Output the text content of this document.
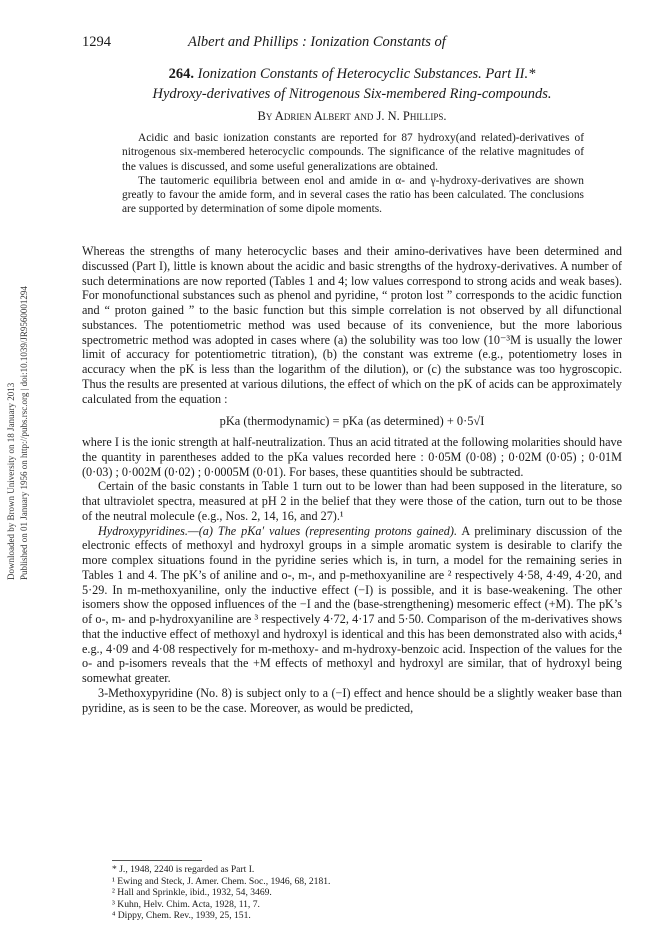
Downloaded by Brown University on 18 January 2013 Published on 01 January 1956 on http://pubs.rsc.org | doi:10.1039/JR9560001294
1294	Albert and Phillips : Ionization Constants of
264. Ionization Constants of Heterocyclic Substances. Part II.*
Hydroxy-derivatives of Nitrogenous Six-membered Ring-compounds.
By Adrien Albert and J. N. Phillips.

Acidic and basic ionization constants are reported for 87 hydroxy(and related)-derivatives of nitrogenous six-membered heterocyclic compounds. The significance of the relative magnitudes of the values is discussed, and some useful generalizations are obtained.

The tautomeric equilibria between enol and amide in α- and γ-hydroxy-derivatives are shown greatly to favour the amide form, and in several cases the ratio has been calculated. The conclusions are supported by determination of some dipole moments.

Whereas the strengths of many heterocyclic bases and their amino-derivatives have been determined and discussed (Part I), little is known about the acidic and basic strengths of the hydroxy-derivatives. A number of such determinations are now reported (Tables 1 and 4; low values correspond to strong acids and weak bases). For monofunctional substances such as phenol and pyridine, “ proton lost ” corresponds to the acidic function and “ proton gained ” to the basic function but this simple correlation is not observed by all difunctional substances. The potentiometric method was used because of its convenience, but the more laborious spectrometric method was adopted in cases where (a) the solubility was too low (10⁻³M is usually the lower limit of accuracy for potentiometric titration), (b) the constant was extreme (e.g., potentiometry loses in accuracy when the pK is less than the logarithm of the dilution), or (c) the substance was too hygroscopic. Thus the results are presented at various dilutions, the effect of which on the pK of acids can be approximately calculated from the equation :

pKa (thermodynamic) = pKa (as determined) + 0·5√I

where I is the ionic strength at half-neutralization. Thus an acid titrated at the following molarities should have the quantity in parentheses added to the pKa values recorded here : 0·05M (0·08) ; 0·02M (0·05) ; 0·01M (0·03) ; 0·002M (0·02) ; 0·0005M (0·01). For bases, these quantities should be subtracted.

Certain of the basic constants in Table 1 turn out to be lower than had been supposed in the literature, so that ultraviolet spectra, measured at pH 2 in the belief that they were those of the cation, turn out to be those of the neutral molecule (e.g., Nos. 2, 14, 16, and 27).¹

Hydroxypyridines.—(a) The pKa′ values (representing protons gained). A preliminary discussion of the electronic effects of methoxyl and hydroxyl groups in a simple aromatic system is desirable to clarify the more complex situations found in the pyridine series which is, in turn, a model for the remaining series in Tables 1 and 4. The pK’s of aniline and o-, m-, and p-methoxyaniline are ² respectively 4·58, 4·49, 4·20, and 5·29. In m-methoxyaniline, only the inductive effect (−I) is possible, and it is base-weakening. The other isomers show the opposed influences of the −I and the (base-strengthening) mesomeric effect (+M). The pK’s of o-, m- and p-hydroxyaniline are ³ respectively 4·72, 4·17 and 5·50. Comparison of the m-derivatives shows that the inductive effect of methoxyl and hydroxyl is identical and this has been demonstrated also with acids,⁴ e.g., 4·09 and 4·08 respectively for m-methoxy- and m-hydroxy-benzoic acid. Inspection of the values for the o- and p-isomers reveals that the +M effects of methoxyl and hydroxyl are similar, that of hydroxyl being somewhat greater.

3-Methoxypyridine (No. 8) is subject only to a (−I) effect and hence should be a slightly weaker base than pyridine, as is seen to be the case. Moreover, as would be predicted,

* J., 1948, 2240 is regarded as Part I.
¹ Ewing and Steck, J. Amer. Chem. Soc., 1946, 68, 2181.
² Hall and Sprinkle, ibid., 1932, 54, 3469.
³ Kuhn, Helv. Chim. Acta, 1928, 11, 7.
⁴ Dippy, Chem. Rev., 1939, 25, 151.
